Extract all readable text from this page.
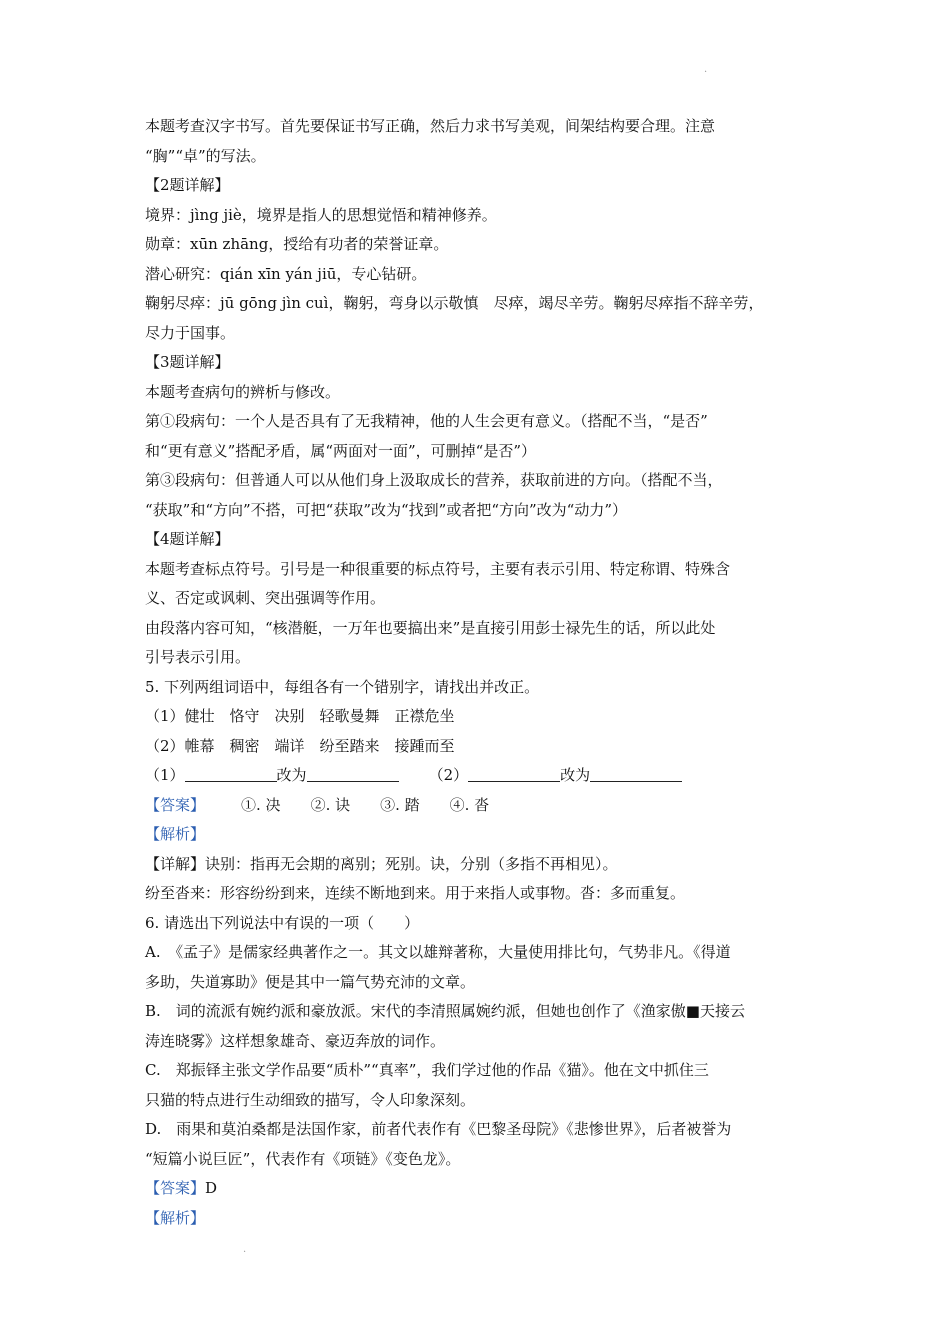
.
.

本题考查汉字书写。首先要保证书写正确，然后力求书写美观，间架结构要合理。注意

“胸”“卓”的写法。

【2题详解】

境界：jìng jiè，境界是指人的思想觉悟和精神修养。

勋章：xūn zhāng，授给有功者的荣誉证章。

潜心研究：qián xīn yán jiū，专心钻研。

鞠躬尽瘁：jū gōng jìn cuì，鞠躬，弯身以示敬慎　尽瘁，竭尽辛劳。鞠躬尽瘁指不辞辛劳，

尽力于国事。

【3题详解】

本题考查病句的辨析与修改。

第①段病句：一个人是否具有了无我精神，他的人生会更有意义。（搭配不当，“是否”

和“更有意义”搭配矛盾，属“两面对一面”，可删掉“是否”）

第③段病句：但普通人可以从他们身上汲取成长的营养，获取前进的方向。（搭配不当，

“获取”和“方向”不搭，可把“获取”改为“找到”或者把“方向”改为“动力”）

【4题详解】

本题考查标点符号。引号是一种很重要的标点符号，主要有表示引用、特定称谓、特殊含

义、否定或讽刺、突出强调等作用。

由段落内容可知，“核潜艇，一万年也要搞出来”是直接引用彭士禄先生的话，所以此处

引号表示引用。

5. 下列两组词语中，每组各有一个错别字，请找出并改正。

（1）健壮　恪守　决别　轻歌曼舞　正襟危坐

（2）帷幕　稠密　端详　纷至踏来　接踵而至

（1）	改为	（2）	改为

【答案】 ①. 决 ②. 诀 ③. 踏 ④. 沓

【解析】

【详解】诀别：指再无会期的离别；死别。诀，分别（多指不再相见）。

纷至沓来：形容纷纷到来，连续不断地到来。用于来指人或事物。沓：多而重复。

6. 请选出下列说法中有误的一项（　　）

A.　《孟子》是儒家经典著作之一。其文以雄辩著称，大量使用排比句，气势非凡。《得道

多助，失道寡助》便是其中一篇气势充沛的文章。

B.　词的流派有婉约派和豪放派。宋代的李清照属婉约派，但她也创作了《渔家傲■天接云

涛连晓雾》这样想象雄奇、豪迈奔放的词作。

C.　郑振铎主张文学作品要“质朴”“真率”，我们学过他的作品《猫》。他在文中抓住三

只猫的特点进行生动细致的描写，令人印象深刻。

D.　雨果和莫泊桑都是法国作家，前者代表作有《巴黎圣母院》《悲惨世界》，后者被誉为

“短篇小说巨匠”，代表作有《项链》《变色龙》。

【答案】D

【解析】
